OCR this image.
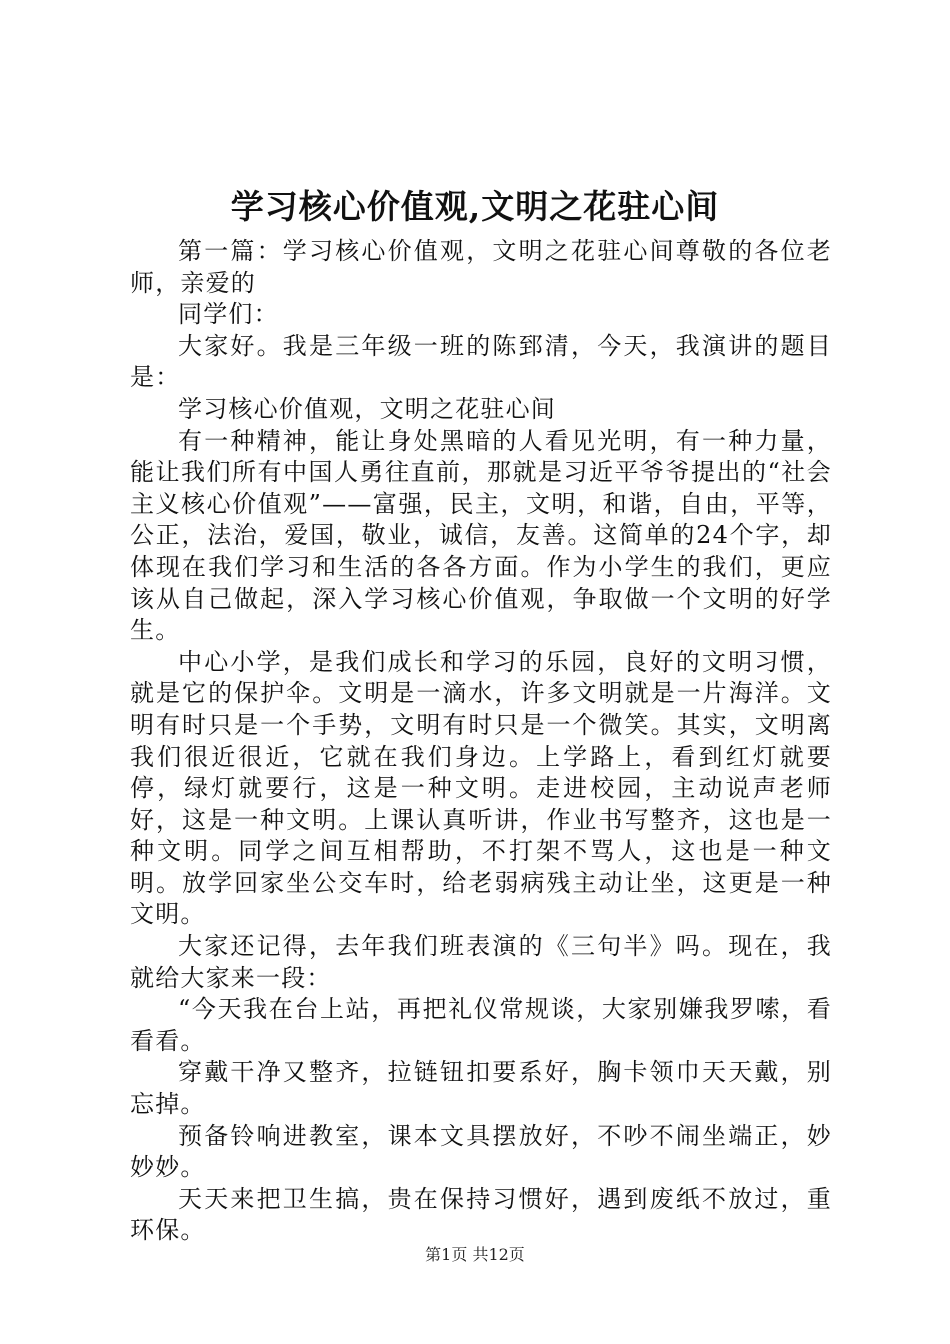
学习核心价值观,文明之花驻心间

第一篇：学习核心价值观，文明之花驻心间尊敬的各位老师，亲爱的

同学们：

大家好。我是三年级一班的陈郅清，今天，我演讲的题目是：

学习核心价值观，文明之花驻心间

有一种精神，能让身处黑暗的人看见光明，有一种力量，能让我们所有中国人勇往直前，那就是习近平爷爷提出的“社会主义核心价值观”——富强，民主，文明，和谐，自由，平等，公正，法治，爱国，敬业，诚信，友善。这简单的24个字，却体现在我们学习和生活的各各方面。作为小学生的我们，更应该从自己做起，深入学习核心价值观，争取做一个文明的好学生。

中心小学，是我们成长和学习的乐园，良好的文明习惯，就是它的保护伞。文明是一滴水，许多文明就是一片海洋。文明有时只是一个手势，文明有时只是一个微笑。其实，文明离我们很近很近，它就在我们身边。上学路上，看到红灯就要停，绿灯就要行，这是一种文明。走进校园，主动说声老师好，这是一种文明。上课认真听讲，作业书写整齐，这也是一种文明。同学之间互相帮助，不打架不骂人，这也是一种文明。放学回家坐公交车时，给老弱病残主动让坐，这更是一种文明。

大家还记得，去年我们班表演的《三句半》吗。现在，我就给大家来一段：

“今天我在台上站，再把礼仪常规谈，大家别嫌我罗嗦，看看看。

穿戴干净又整齐，拉链钮扣要系好，胸卡领巾天天戴，别忘掉。

预备铃响进教室，课本文具摆放好，不吵不闹坐端正，妙妙妙。

天天来把卫生搞，贵在保持习惯好，遇到废纸不放过，重环保。

第1页 共12页
